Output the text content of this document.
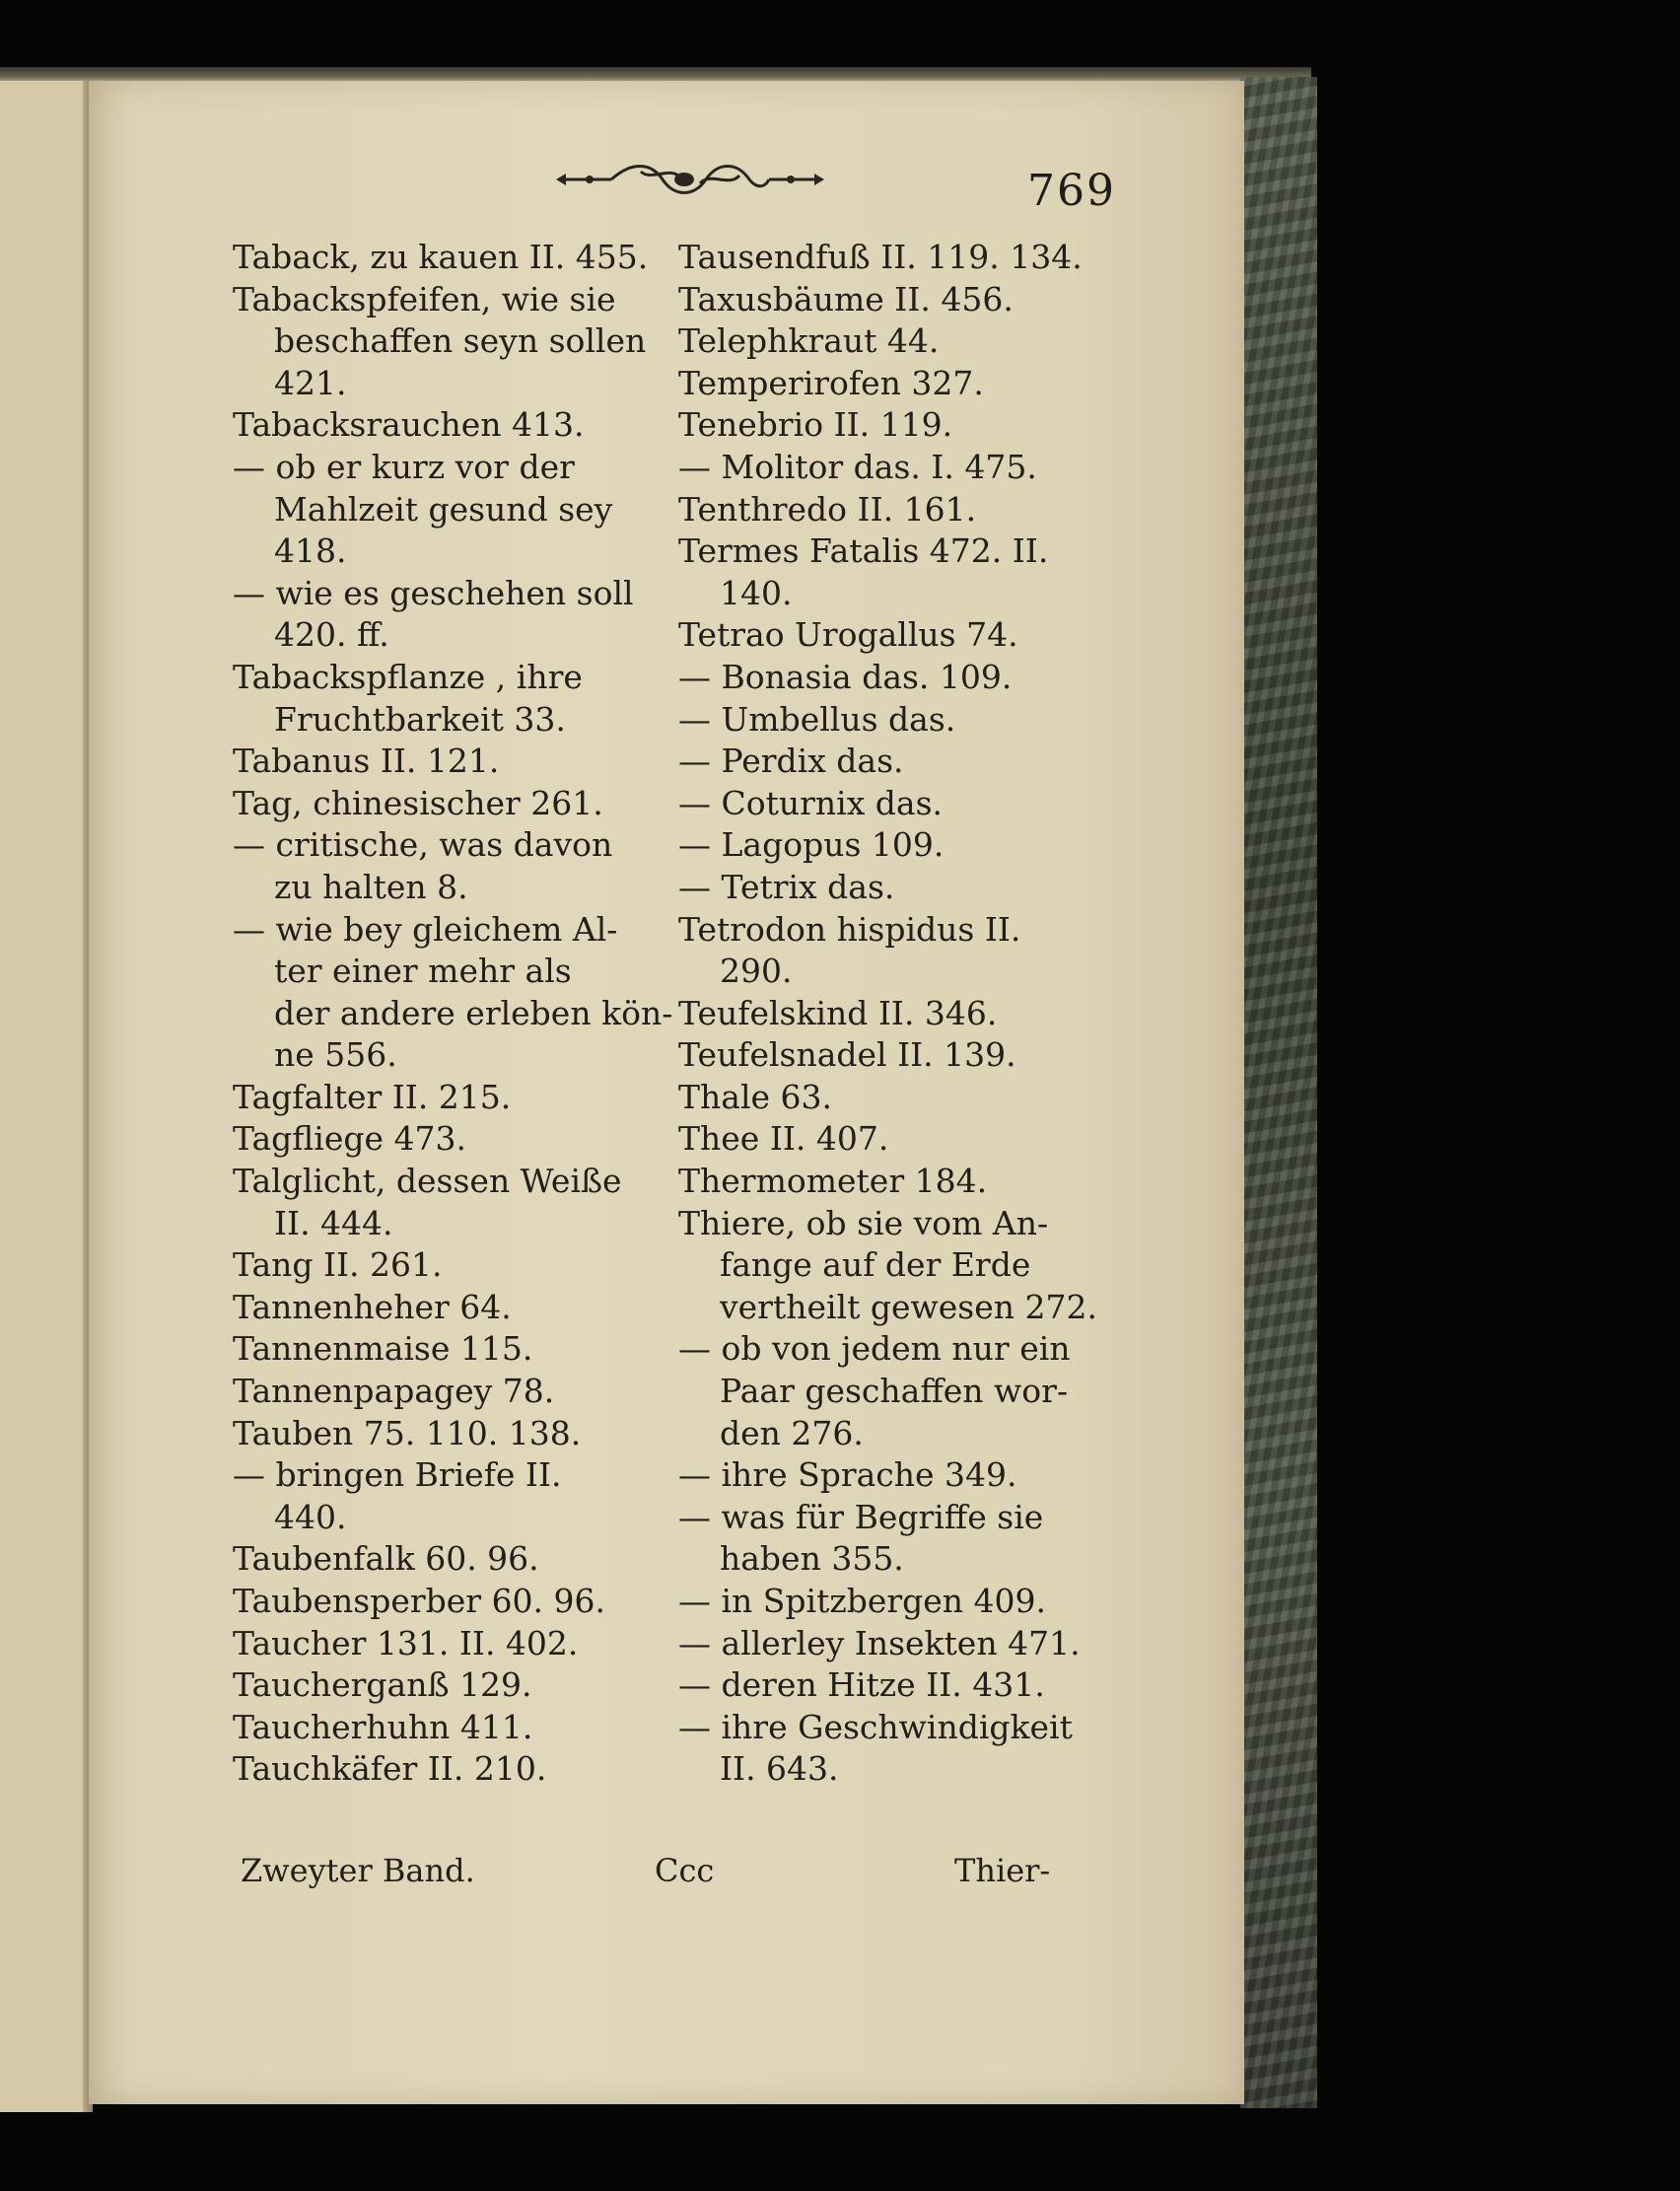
769
Taback, zu kauen II. 455.
Tabackspfeifen, wie sie
beschaffen seyn sollen
421.
Tabacksrauchen 413.
— ob er kurz vor der
Mahlzeit gesund sey
418.
— wie es geschehen soll
420. ff.
Tabackspflanze , ihre
Fruchtbarkeit 33.
Tabanus II. 121.
Tag, chinesischer 261.
— critische, was davon
zu halten 8.
— wie bey gleichem Al-
ter einer mehr als
der andere erleben kön-
ne 556.
Tagfalter II. 215.
Tagfliege 473.
Talglicht, dessen Weiße
II. 444.
Tang II. 261.
Tannenheher 64.
Tannenmaise 115.
Tannenpapagey 78.
Tauben 75. 110. 138.
— bringen Briefe II.
440.
Taubenfalk 60. 96.
Taubensperber 60. 96.
Taucher 131. II. 402.
Taucherganß 129.
Taucherhuhn 411.
Tauchkäfer II. 210.
Tausendfuß II. 119. 134.
Taxusbäume II. 456.
Telephkraut 44.
Temperirofen 327.
Tenebrio II. 119.
— Molitor das. I. 475.
Tenthredo II. 161.
Termes Fatalis 472. II.
140.
Tetrao Urogallus 74.
— Bonasia das. 109.
— Umbellus das.
— Perdix das.
— Coturnix das.
— Lagopus 109.
— Tetrix das.
Tetrodon hispidus II.
290.
Teufelskind II. 346.
Teufelsnadel II. 139.
Thale 63.
Thee II. 407.
Thermometer 184.
Thiere, ob sie vom An-
fange auf der Erde
vertheilt gewesen 272.
— ob von jedem nur ein
Paar geschaffen wor-
den 276.
— ihre Sprache 349.
— was für Begriffe sie
haben 355.
— in Spitzbergen 409.
— allerley Insekten 471.
— deren Hitze II. 431.
— ihre Geschwindigkeit
II. 643.
Zweyter Band.	Ccc	Thier-
